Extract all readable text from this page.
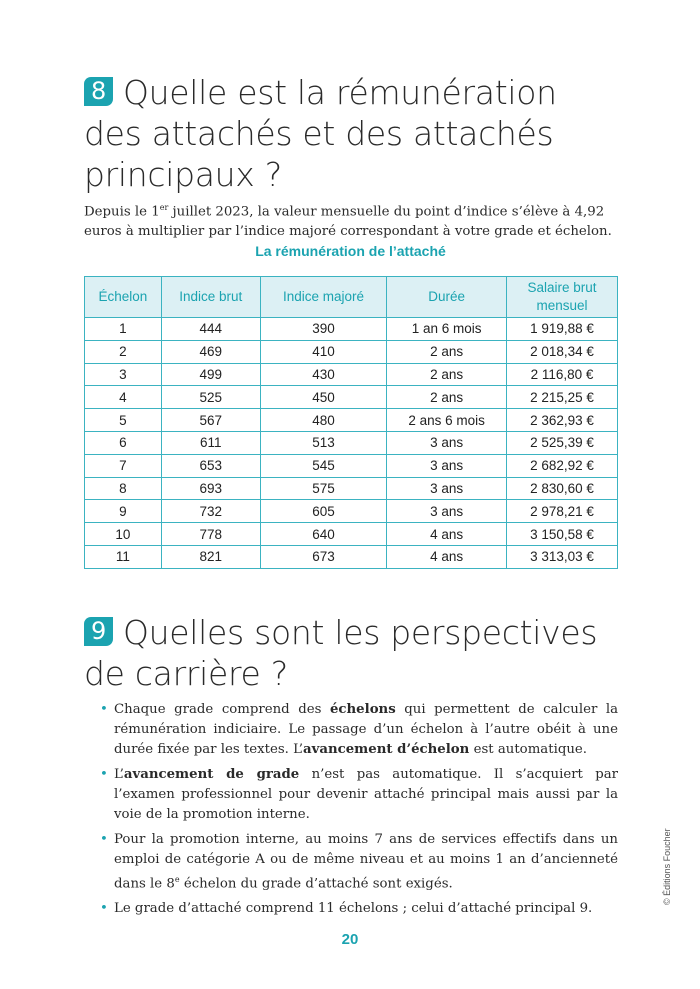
8 Quelle est la rémunération
des attachés et des attachés
principaux ?
Depuis le 1er juillet 2023, la valeur mensuelle du point d’indice s’élève à 4,92 euros à multiplier par l’indice majoré correspondant à votre grade et échelon.
La rémunération de l’attaché
Échelon	Indice brut	Indice majoré	Durée	Salaire brut mensuel
1	444	390	1 an 6 mois	1 919,88 €
2	469	410	2 ans	2 018,34 €
3	499	430	2 ans	2 116,80 €
4	525	450	2 ans	2 215,25 €
5	567	480	2 ans 6 mois	2 362,93 €
6	611	513	3 ans	2 525,39 €
7	653	545	3 ans	2 682,92 €
8	693	575	3 ans	2 830,60 €
9	732	605	3 ans	2 978,21 €
10	778	640	4 ans	3 150,58 €
11	821	673	4 ans	3 313,03 €
9 Quelles sont les perspectives
de carrière ?
• Chaque grade comprend des échelons qui permettent de calculer la rémunération indiciaire. Le passage d’un échelon à l’autre obéit à une durée fixée par les textes. L’avancement d’échelon est automatique.
• L’avancement de grade n’est pas automatique. Il s’acquiert par l’examen professionnel pour devenir attaché principal mais aussi par la voie de la promotion interne.
• Pour la promotion interne, au moins 7 ans de services effectifs dans un emploi de catégorie A ou de même niveau et au moins 1 an d’ancienneté dans le 8e échelon du grade d’attaché sont exigés.
• Le grade d’attaché comprend 11 échelons ; celui d’attaché principal 9.
20
© Éditions Foucher
